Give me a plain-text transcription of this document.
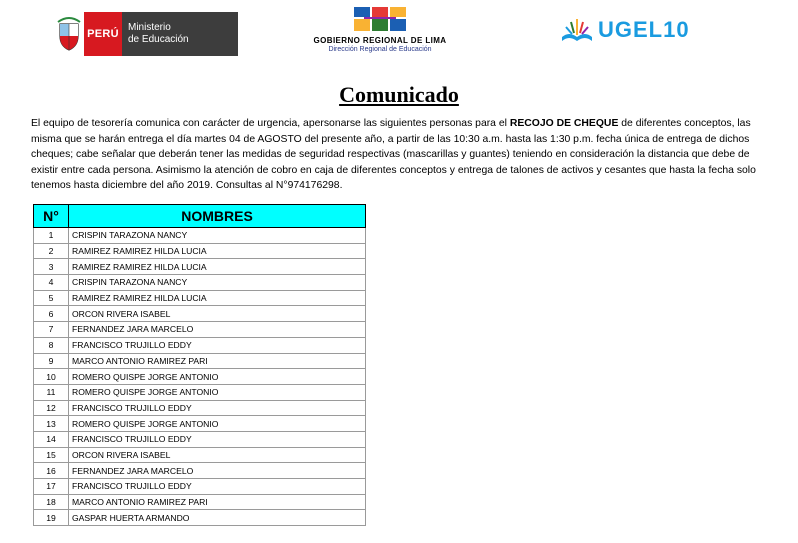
PERÚ
Ministerio
de Educación	GOBIERNO REGIONAL DE LIMA
Dirección Regional de Educación
UGEL10
Comunicado
El equipo de tesorería comunica con carácter de urgencia, apersonarse las siguientes personas para el RECOJO DE CHEQUE de diferentes conceptos, las misma que se harán entrega el día martes 04 de AGOSTO del presente año, a partir de las 10:30 a.m. hasta las 1:30 p.m. fecha única de entrega de dichos cheques; cabe señalar que deberán tener las medidas de seguridad respectivas (mascarillas y guantes) teniendo en consideración la distancia que debe de existir entre cada persona. Asimismo la atención de cobro en caja de diferentes conceptos y entrega de talones de activos y cesantes que hasta la fecha solo tenemos hasta diciembre del año 2019. Consultas al N°974176298.
N°	NOMBRES
1	CRISPIN TARAZONA NANCY
2	RAMIREZ RAMIREZ HILDA LUCIA
3	RAMIREZ RAMIREZ HILDA LUCIA
4	CRISPIN TARAZONA NANCY
5	RAMIREZ RAMIREZ HILDA LUCIA
6	ORCON RIVERA ISABEL
7	FERNANDEZ JARA MARCELO
8	FRANCISCO TRUJILLO EDDY
9	MARCO ANTONIO RAMIREZ PARI
10	ROMERO QUISPE JORGE ANTONIO
11	ROMERO QUISPE JORGE ANTONIO
12	FRANCISCO TRUJILLO EDDY
13	ROMERO QUISPE JORGE ANTONIO
14	FRANCISCO TRUJILLO EDDY
15	ORCON RIVERA ISABEL
16	FERNANDEZ JARA MARCELO
17	FRANCISCO TRUJILLO EDDY
18	MARCO ANTONIO RAMIREZ PARI
19	GASPAR HUERTA ARMANDO
